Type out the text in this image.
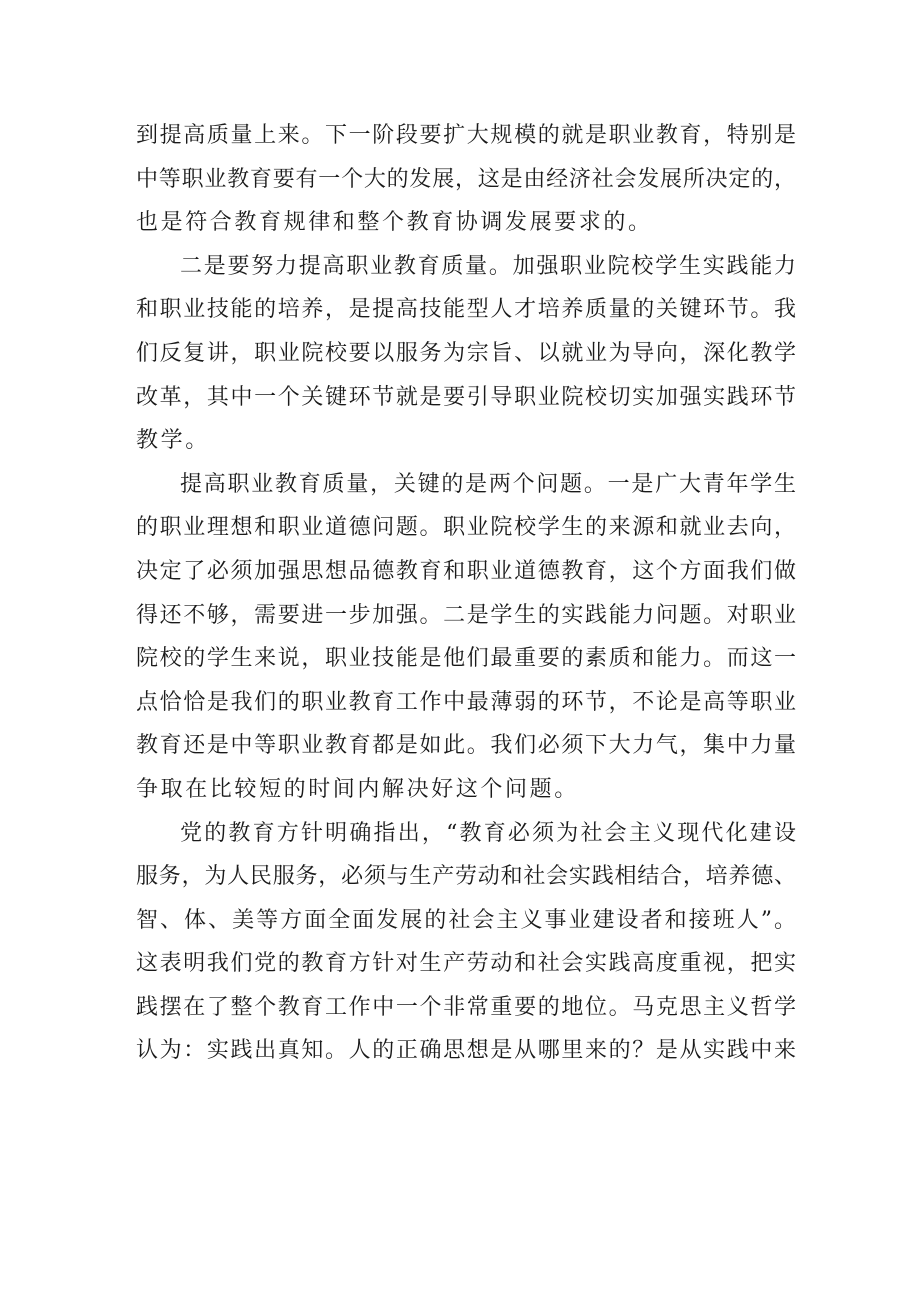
到提高质量上来。下一阶段要扩大规模的就是职业教育，特别是
中等职业教育要有一个大的发展，这是由经济社会发展所决定的，
也是符合教育规律和整个教育协调发展要求的。
二是要努力提高职业教育质量。加强职业院校学生实践能力
和职业技能的培养，是提高技能型人才培养质量的关键环节。我
们反复讲，职业院校要以服务为宗旨、以就业为导向，深化教学
改革，其中一个关键环节就是要引导职业院校切实加强实践环节
教学。
提高职业教育质量，关键的是两个问题。一是广大青年学生
的职业理想和职业道德问题。职业院校学生的来源和就业去向，
决定了必须加强思想品德教育和职业道德教育，这个方面我们做
得还不够，需要进一步加强。二是学生的实践能力问题。对职业
院校的学生来说，职业技能是他们最重要的素质和能力。而这一
点恰恰是我们的职业教育工作中最薄弱的环节，不论是高等职业
教育还是中等职业教育都是如此。我们必须下大力气，集中力量
争取在比较短的时间内解决好这个问题。
党的教育方针明确指出，“教育必须为社会主义现代化建设
服务，为人民服务，必须与生产劳动和社会实践相结合，培养德、
智、体、美等方面全面发展的社会主义事业建设者和接班人”。
这表明我们党的教育方针对生产劳动和社会实践高度重视，把实
践摆在了整个教育工作中一个非常重要的地位。马克思主义哲学
认为：实践出真知。人的正确思想是从哪里来的？是从实践中来
